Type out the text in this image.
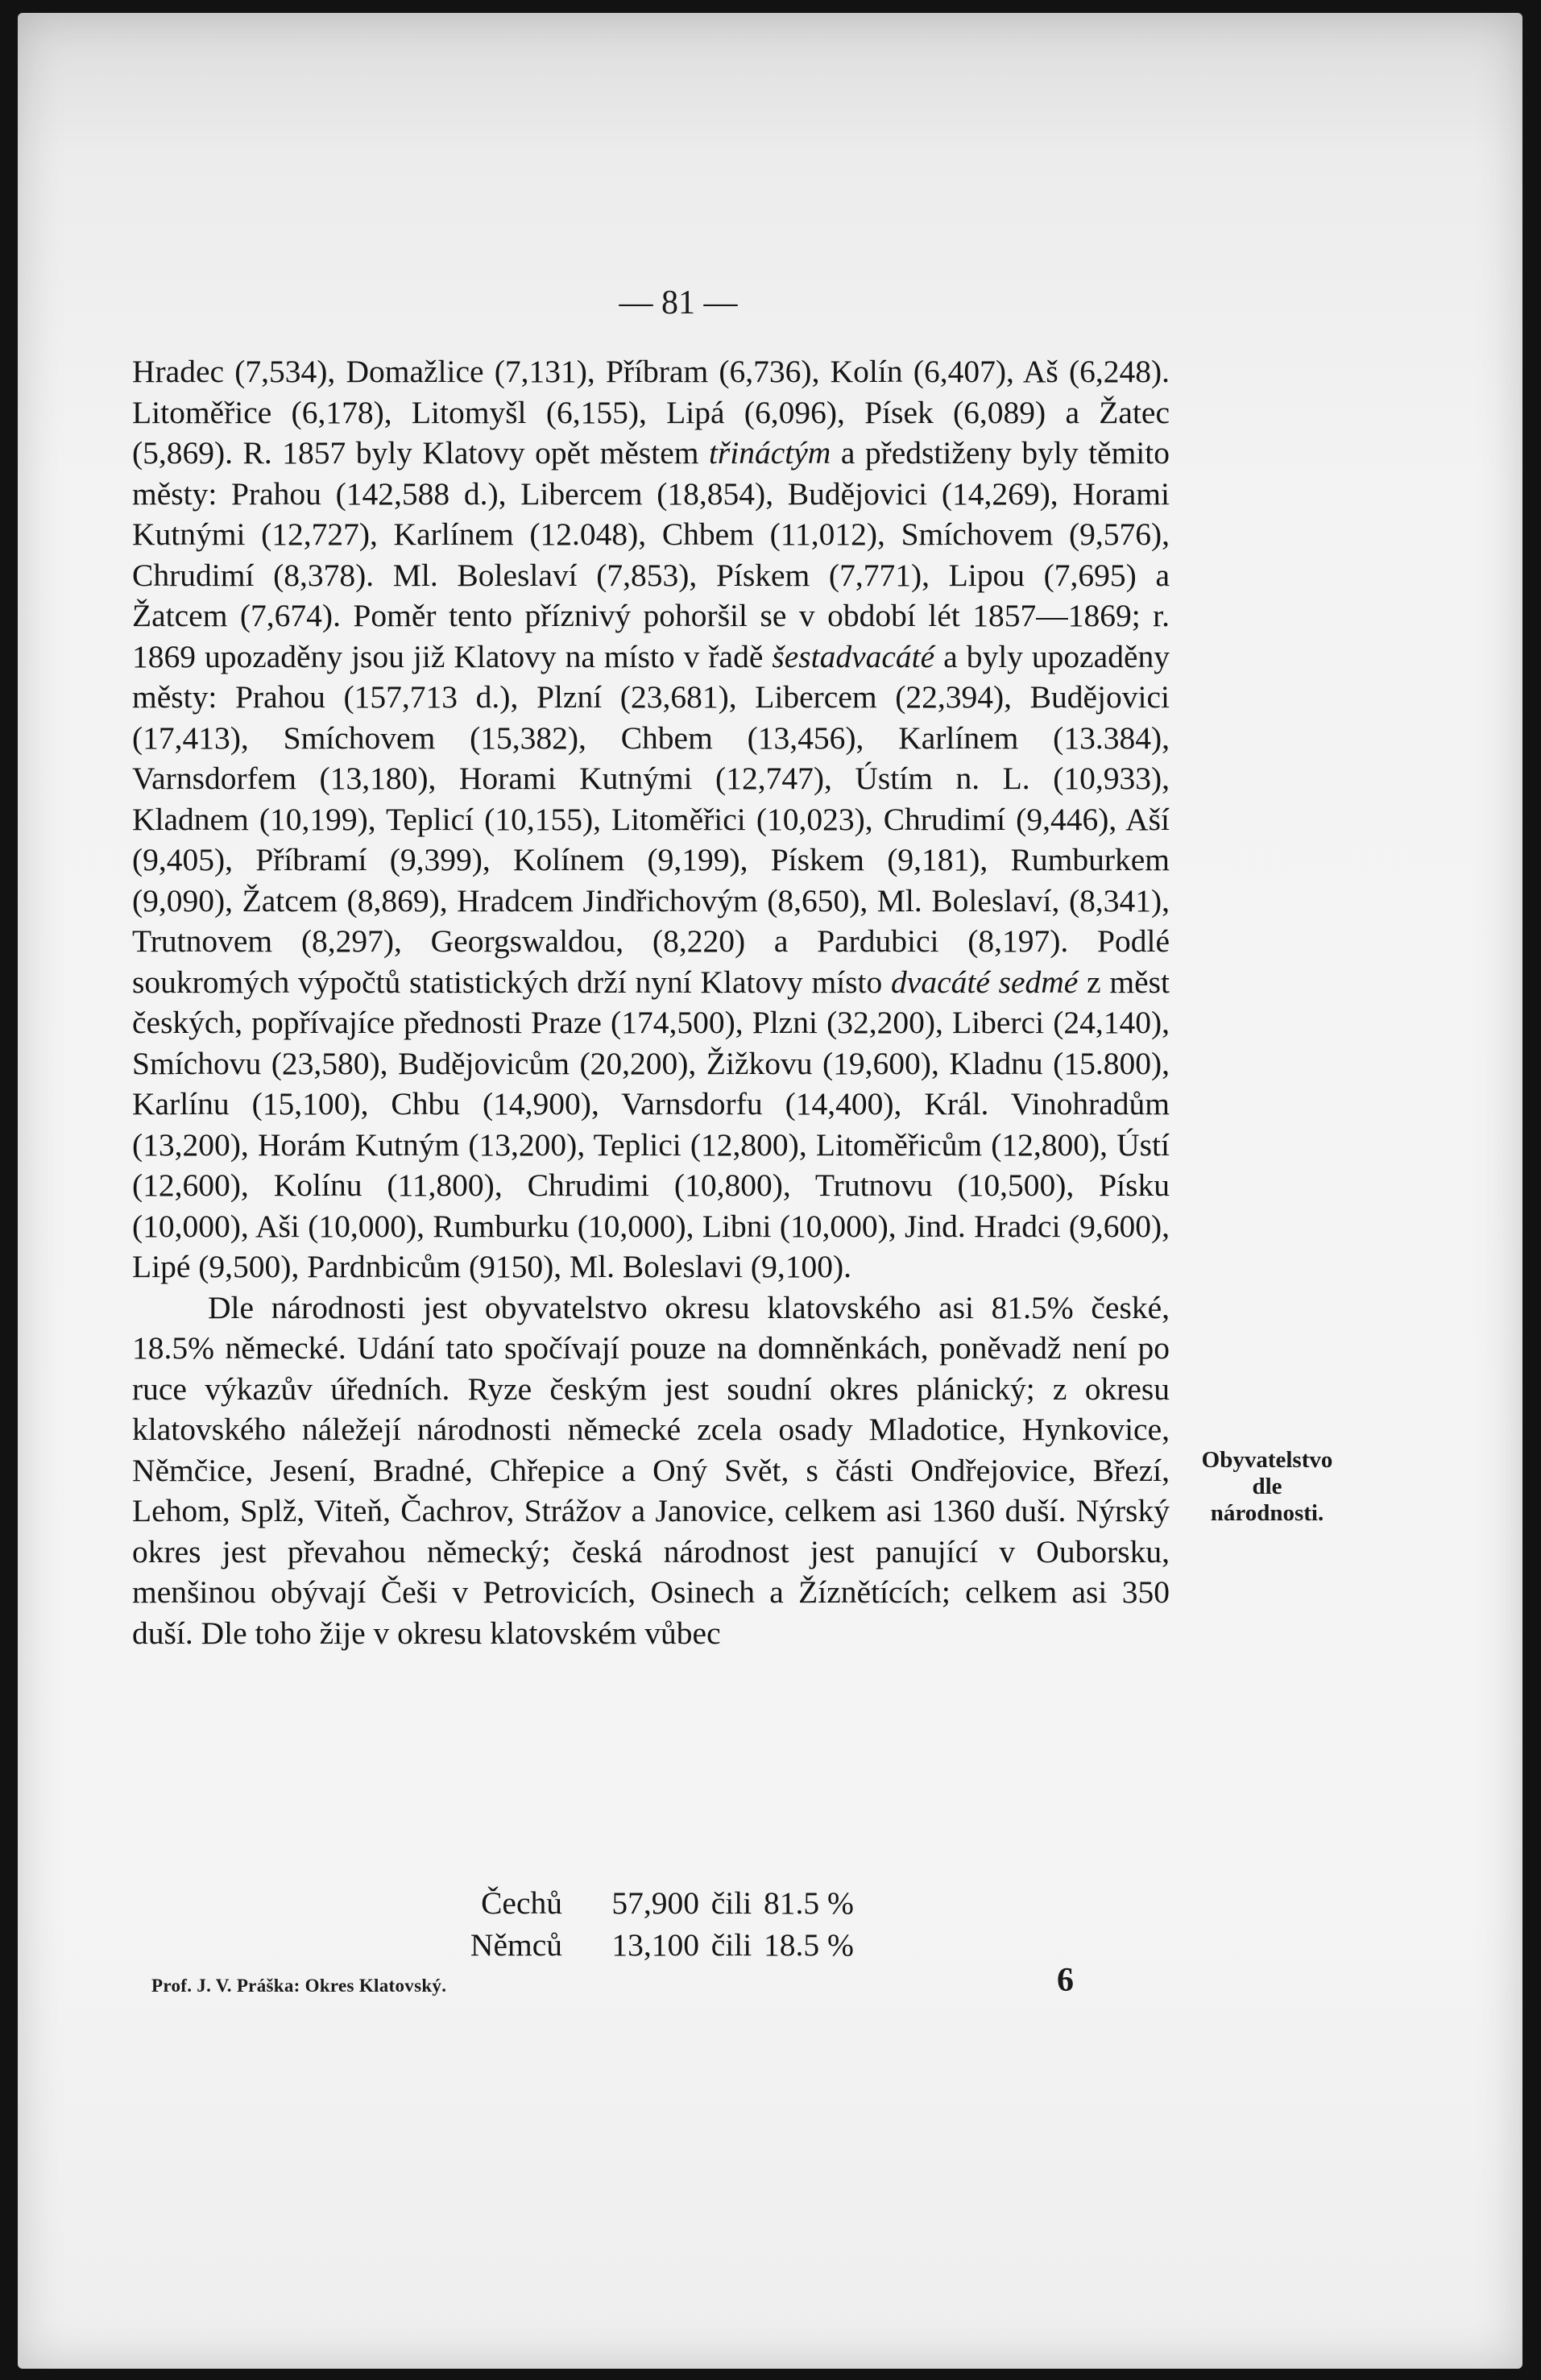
— 81 —

Hradec (7,534), Domažlice (7,131), Příbram (6,736), Kolín (6,407), Aš (6,248). Litoměřice (6,178), Litomyšl (6,155), Lipá (6,096), Písek (6,089) a Žatec (5,869). R. 1857 byly Klatovy opět městem třináctým a předstiženy byly těmito městy: Prahou (142,588 d.), Libercem (18,854), Budějovici (14,269), Horami Kutnými (12,727), Karlínem (12.048), Chbem (11,012), Smíchovem (9,576), Chrudimí (8,378). Ml. Boleslaví (7,853), Pískem (7,771), Lipou (7,695) a Žatcem (7,674). Poměr tento příznivý pohoršil se v období lét 1857—1869; r. 1869 upozaděny jsou již Klatovy na místo v řadě šestadvacáté a byly upozaděny městy: Prahou (157,713 d.), Plzní (23,681), Libercem (22,394), Budějovici (17,413), Smíchovem (15,382), Chbem (13,456), Karlínem (13.384), Varnsdorfem (13,180), Horami Kutnými (12,747), Ústím n. L. (10,933), Kladnem (10,199), Teplicí (10,155), Litoměřici (10,023), Chrudimí (9,446), Aší (9,405), Příbramí (9,399), Kolínem (9,199), Pískem (9,181), Rumburkem (9,090), Žatcem (8,869), Hradcem Jindřichovým (8,650), Ml. Boleslaví, (8,341), Trutnovem (8,297), Georgswaldou, (8,220) a Pardubici (8,197). Podlé soukromých výpočtů statistických drží nyní Klatovy místo dvacáté sedmé z měst českých, popřívajíce přednosti Praze (174,500), Plzni (32,200), Liberci (24,140), Smíchovu (23,580), Budějovicům (20,200), Žižkovu (19,600), Kladnu (15.800), Karlínu (15,100), Chbu (14,900), Varnsdorfu (14,400), Král. Vinohradům (13,200), Horám Kutným (13,200), Teplici (12,800), Litoměřicům (12,800), Ústí (12,600), Kolínu (11,800), Chrudimi (10,800), Trutnovu (10,500), Písku (10,000), Aši (10,000), Rumburku (10,000), Libni (10,000), Jind. Hradci (9,600), Lipé (9,500), Pardnbicům (9150), Ml. Boleslavi (9,100).

Dle národnosti jest obyvatelstvo okresu klatovského asi 81.5% české, 18.5% německé. Udání tato spočívají pouze na domněnkách, poněvadž není po ruce výkazův úředních. Ryze českým jest soudní okres plánický; z okresu klatovského náležejí národnosti německé zcela osady Mladotice, Hynkovice, Němčice, Jesení, Bradné, Chřepice a Oný Svět, s části Ondřejovice, Březí, Lehom, Splž, Viteň, Čachrov, Strážov a Janovice, celkem asi 1360 duší. Nýrský okres jest převahou německý; česká národnost jest panující v Ouborsku, menšinou obývají Češi v Petrovicích, Osinech a Žíznětících; celkem asi 350 duší. Dle toho žije v okresu klatovském vůbec

Obyvatelstvo
dle
národnosti.
Čechů	57,900 čili 81.5 %
Němců	13,100 čili 18.5 %
Prof. J. V. Práška: Okres Klatovský.	6
